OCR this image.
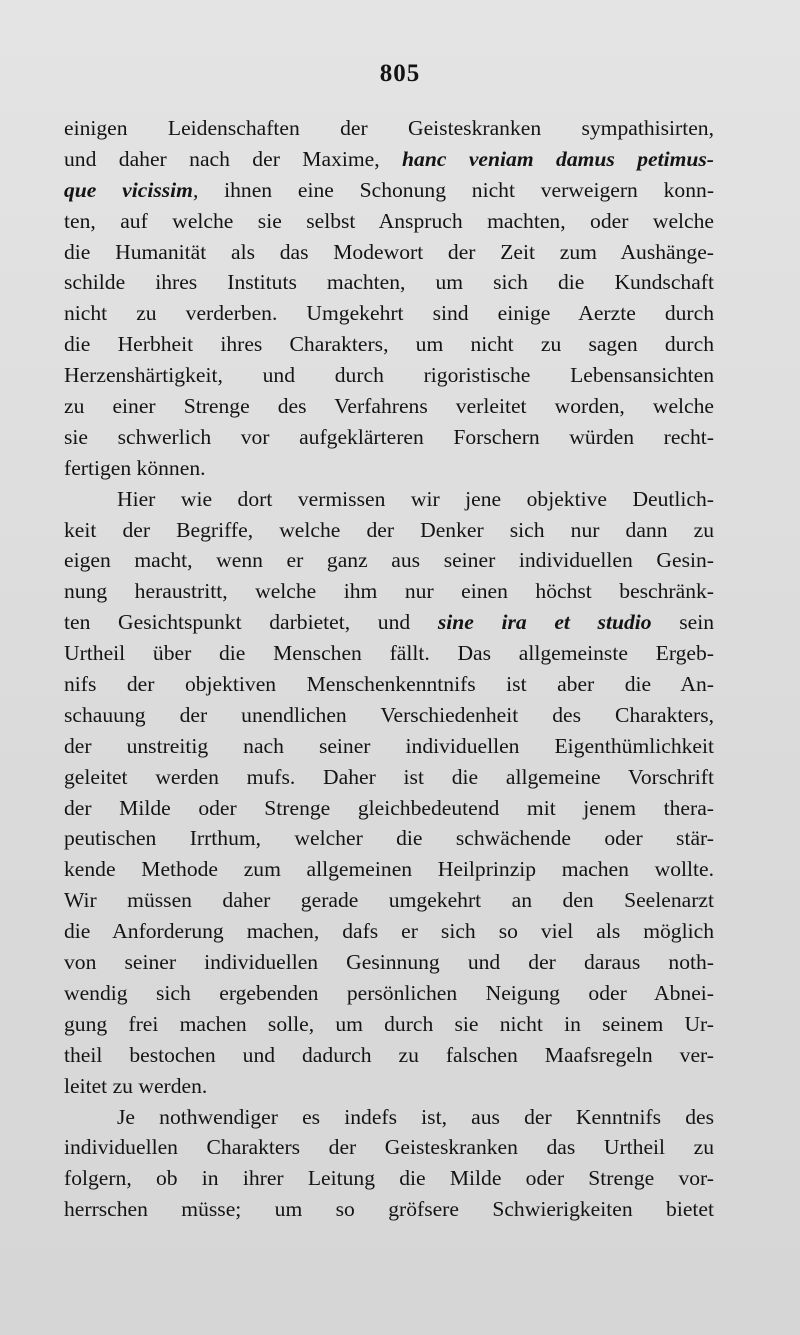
805
einigen Leidenschaften der Geisteskranken sympathisirten,
und daher nach der Maxime, hanc veniam damus petimus-
que vicissim, ihnen eine Schonung nicht verweigern konn-
ten, auf welche sie selbst Anspruch machten, oder welche
die Humanität als das Modewort der Zeit zum Aushänge-
schilde ihres Instituts machten, um sich die Kundschaft
nicht zu verderben. Umgekehrt sind einige Aerzte durch
die Herbheit ihres Charakters, um nicht zu sagen durch
Herzenshärtigkeit, und durch rigoristische Lebensansichten
zu einer Strenge des Verfahrens verleitet worden, welche
sie schwerlich vor aufgeklärteren Forschern würden recht-
fertigen können.
Hier wie dort vermissen wir jene objektive Deutlich-
keit der Begriffe, welche der Denker sich nur dann zu
eigen macht, wenn er ganz aus seiner individuellen Gesin-
nung heraustritt, welche ihm nur einen höchst beschränk-
ten Gesichtspunkt darbietet, und sine ira et studio sein
Urtheil über die Menschen fällt. Das allgemeinste Ergeb-
nifs der objektiven Menschenkenntnifs ist aber die An-
schauung der unendlichen Verschiedenheit des Charakters,
der unstreitig nach seiner individuellen Eigenthümlichkeit
geleitet werden mufs. Daher ist die allgemeine Vorschrift
der Milde oder Strenge gleichbedeutend mit jenem thera-
peutischen Irrthum, welcher die schwächende oder stär-
kende Methode zum allgemeinen Heilprinzip machen wollte.
Wir müssen daher gerade umgekehrt an den Seelenarzt
die Anforderung machen, dafs er sich so viel als möglich
von seiner individuellen Gesinnung und der daraus noth-
wendig sich ergebenden persönlichen Neigung oder Abnei-
gung frei machen solle, um durch sie nicht in seinem Ur-
theil bestochen und dadurch zu falschen Maafsregeln ver-
leitet zu werden.
Je nothwendiger es indefs ist, aus der Kenntnifs des
individuellen Charakters der Geisteskranken das Urtheil zu
folgern, ob in ihrer Leitung die Milde oder Strenge vor-
herrschen müsse; um so gröfsere Schwierigkeiten bietet
